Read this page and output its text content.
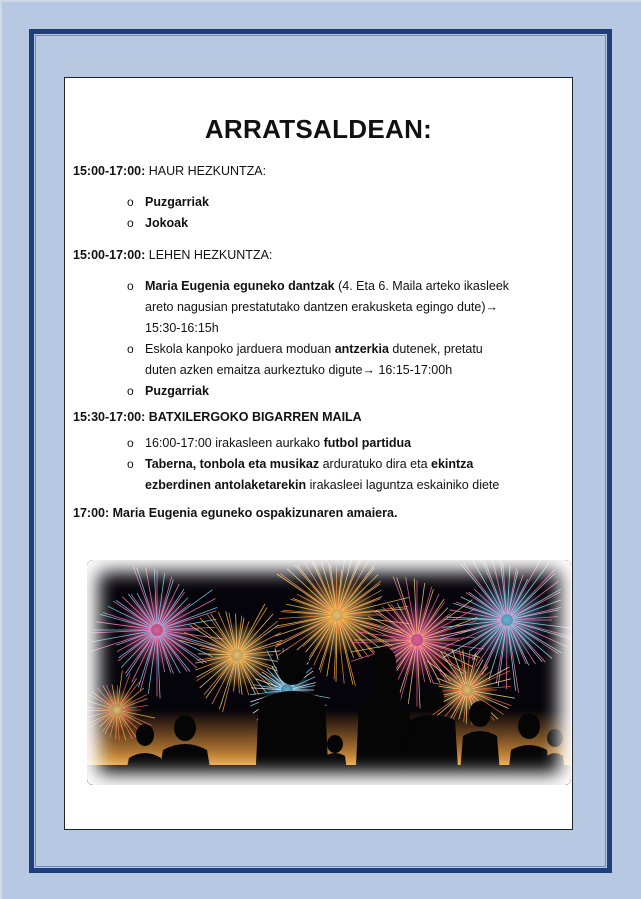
ARRATSALDEAN:
15:00-17:00: HAUR HEZKUNTZA:
o Puzgarriak
o Jokoak
15:00-17:00: LEHEN HEZKUNTZA:
o Maria Eugenia eguneko dantzak (4. Eta 6. Maila arteko ikasleek
areto nagusian prestatutako dantzen erakusketa egingo dute)→
15:30-16:15h
o Eskola kanpoko jarduera moduan antzerkia dutenek, pretatu
duten azken emaitza aurkeztuko digute→ 16:15-17:00h
o Puzgarriak
15:30-17:00: BATXILERGOKO BIGARREN MAILA
o 16:00-17:00 irakasleen aurkako futbol partidua
o Taberna, tonbola eta musikaz arduratuko dira eta ekintza
ezberdinen antolaketarekin irakasleei laguntza eskainiko diete
17:00: Maria Eugenia eguneko ospakizunaren amaiera.
